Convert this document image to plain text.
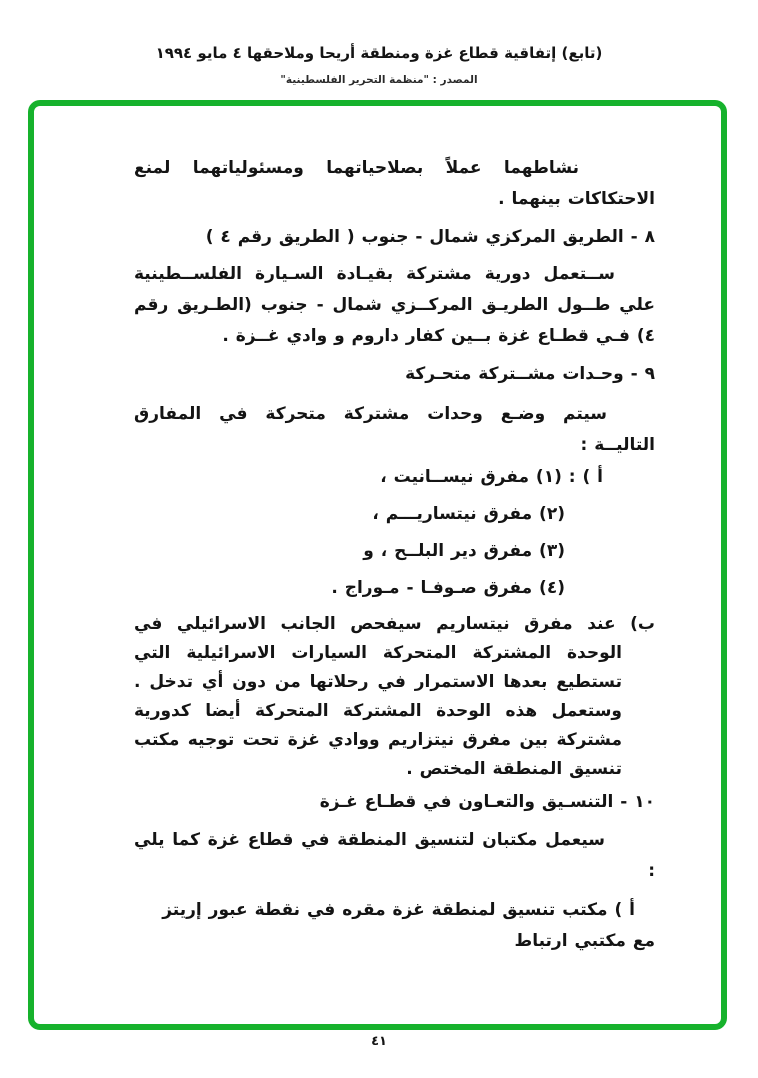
(تابع) إتفاقية قطاع غزة ومنطقة أريحا وملاحقها ٤ مايو ١٩٩٤
المصدر : "منظمة التحرير الفلسطينية"
نشاطهما عملاً بصلاحياتهما ومسئولياتهما لمنع الاحتكاكات بينهما .
٨ - الطريق المركزي شمال - جنوب ( الطريق رقم ٤ )
ســتعمل دورية مشتركة بقيـادة السـيارة الفلســطينية علي طــول الطريـق المركــزي شمال - جنوب (الطـريق رقم ٤) فـي قطـاع غزة بــين كفار داروم و وادي غــزة .
٩ - وحـدات مشــتركة متحـركة
سيتم وضـع وحدات مشتركة متحركة في المفارق التاليــة :
أ ) : (١) مفرق نيســانيت ،
(٢) مفرق نيتساريـــم ،
(٣) مفرق دير البلــح ، و
(٤) مفرق صـوفـا - مـوراج .
ب) عند مفرق نيتساريم سيفحص الجانب الاسرائيلي في الوحدة المشتركة المتحركة السيارات الاسرائيلية التي تستطيع بعدها الاستمرار في رحلاتها من دون أي تدخل . وستعمل هذه الوحدة المشتركة المتحركة أيضا كدورية مشتركة بين مفرق نيتزاريم ووادي غزة تحت توجيه مكتب تنسيق المنطقة المختص .
١٠ - التنسـيق والتعـاون في قطـاع غـزة
سيعمل مكتبان لتنسيق المنطقة في قطاع غزة كما يلي :
أ ) مكتب تنسيق لمنطقة غزة مقره في نقطة عبور إريتز مع مكتبي ارتباط
٤١
